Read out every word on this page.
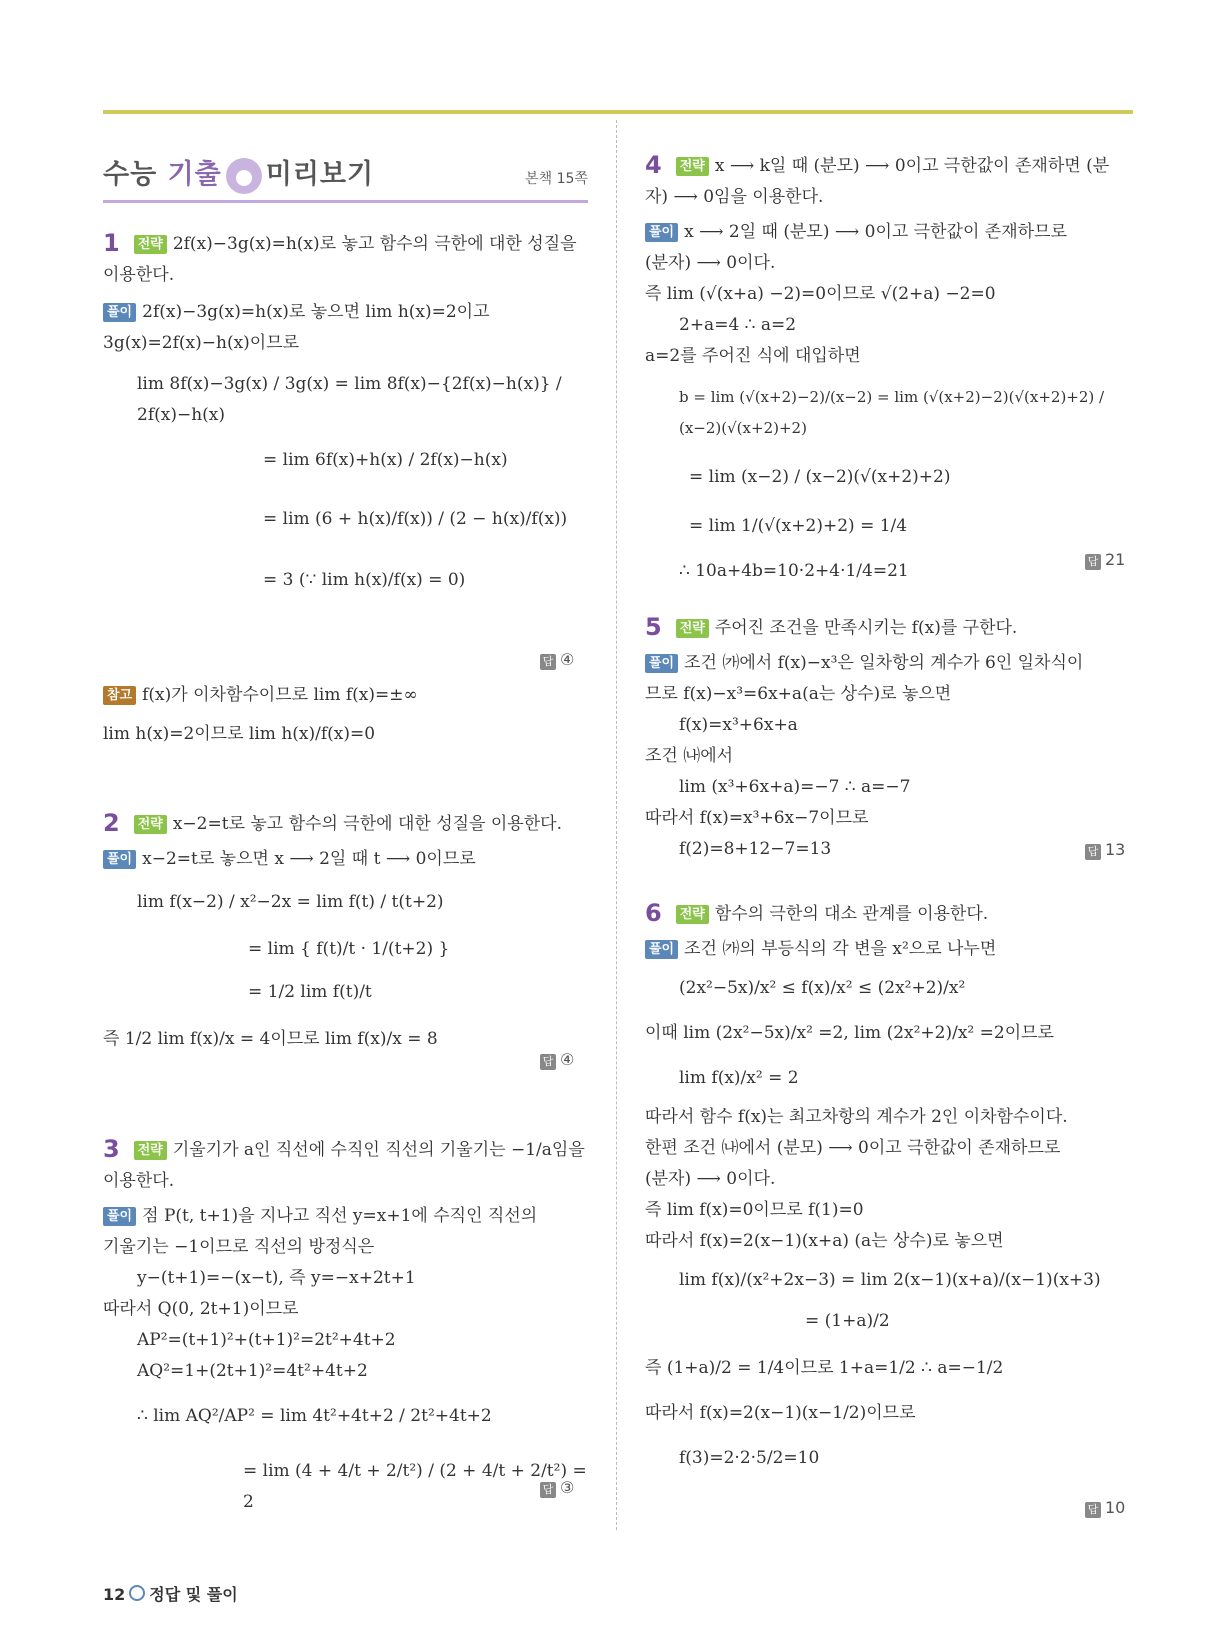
수능 기출 미리보기	본책 15쪽
1 전략 2f(x)−3g(x)=h(x)로 놓고 함수의 극한에 대한 성질을 이용한다.
풀이 2f(x)−3g(x)=h(x)로 놓으면 lim h(x)=2이고
3g(x)=2f(x)−h(x)이므로
lim 8f(x)−3g(x) / 3g(x) = lim 8f(x)−{2f(x)−h(x)} / 2f(x)−h(x)
= lim 6f(x)+h(x) / 2f(x)−h(x)
= lim (6 + h(x)/f(x)) / (2 − h(x)/f(x))
= 3 (∵ lim h(x)/f(x) = 0)
답 ④
참고 f(x)가 이차함수이므로 lim f(x)=±∞
lim h(x)=2이므로 lim h(x)/f(x)=0
2 전략 x−2=t로 놓고 함수의 극한에 대한 성질을 이용한다.
풀이 x−2=t로 놓으면 x ⟶ 2일 때 t ⟶ 0이므로
lim f(x−2) / x²−2x = lim f(t) / t(t+2)
= lim { f(t)/t · 1/(t+2) }
= 1/2 lim f(t)/t
즉 1/2 lim f(x)/x = 4이므로 lim f(x)/x = 8
답 ④
3 전략 기울기가 a인 직선에 수직인 직선의 기울기는 −1/a임을 이용한다.
풀이 점 P(t, t+1)을 지나고 직선 y=x+1에 수직인 직선의
기울기는 −1이므로 직선의 방정식은
y−(t+1)=−(x−t), 즉 y=−x+2t+1
따라서 Q(0, 2t+1)이므로
AP²=(t+1)²+(t+1)²=2t²+4t+2
AQ²=1+(2t+1)²=4t²+4t+2
∴ lim AQ²/AP² = lim 4t²+4t+2 / 2t²+4t+2
= lim (4 + 4/t + 2/t²) / (2 + 4/t + 2/t²) = 2
답 ③
4 전략 x ⟶ k일 때 (분모) ⟶ 0이고 극한값이 존재하면 (분자) ⟶ 0임을 이용한다.
풀이 x ⟶ 2일 때 (분모) ⟶ 0이고 극한값이 존재하므로
(분자) ⟶ 0이다.
즉 lim (√(x+a) −2)=0이므로 √(2+a) −2=0
2+a=4 ∴ a=2
a=2를 주어진 식에 대입하면
b = lim (√(x+2)−2)/(x−2) = lim (√(x+2)−2)(√(x+2)+2) / (x−2)(√(x+2)+2)
= lim (x−2) / (x−2)(√(x+2)+2)
= lim 1/(√(x+2)+2) = 1/4
∴ 10a+4b=10·2+4·1/4=21	답 21
5 전략 주어진 조건을 만족시키는 f(x)를 구한다.
풀이 조건 ㈎에서 f(x)−x³은 일차항의 계수가 6인 일차식이
므로 f(x)−x³=6x+a(a는 상수)로 놓으면
f(x)=x³+6x+a
조건 ㈏에서
lim (x³+6x+a)=−7 ∴ a=−7
따라서 f(x)=x³+6x−7이므로
f(2)=8+12−7=13	답 13
6 전략 함수의 극한의 대소 관계를 이용한다.
풀이 조건 ㈎의 부등식의 각 변을 x²으로 나누면
(2x²−5x)/x² ≤ f(x)/x² ≤ (2x²+2)/x²
이때 lim (2x²−5x)/x² =2, lim (2x²+2)/x² =2이므로
lim f(x)/x² = 2
따라서 함수 f(x)는 최고차항의 계수가 2인 이차함수이다.
한편 조건 ㈏에서 (분모) ⟶ 0이고 극한값이 존재하므로
(분자) ⟶ 0이다.
즉 lim f(x)=0이므로 f(1)=0
따라서 f(x)=2(x−1)(x+a) (a는 상수)로 놓으면
lim f(x)/(x²+2x−3) = lim 2(x−1)(x+a)/(x−1)(x+3)
= (1+a)/2
즉 (1+a)/2 = 1/4이므로 1+a=1/2 ∴ a=−1/2
따라서 f(x)=2(x−1)(x−1/2)이므로
f(3)=2·2·5/2=10
답 10
12 정답 및 풀이
